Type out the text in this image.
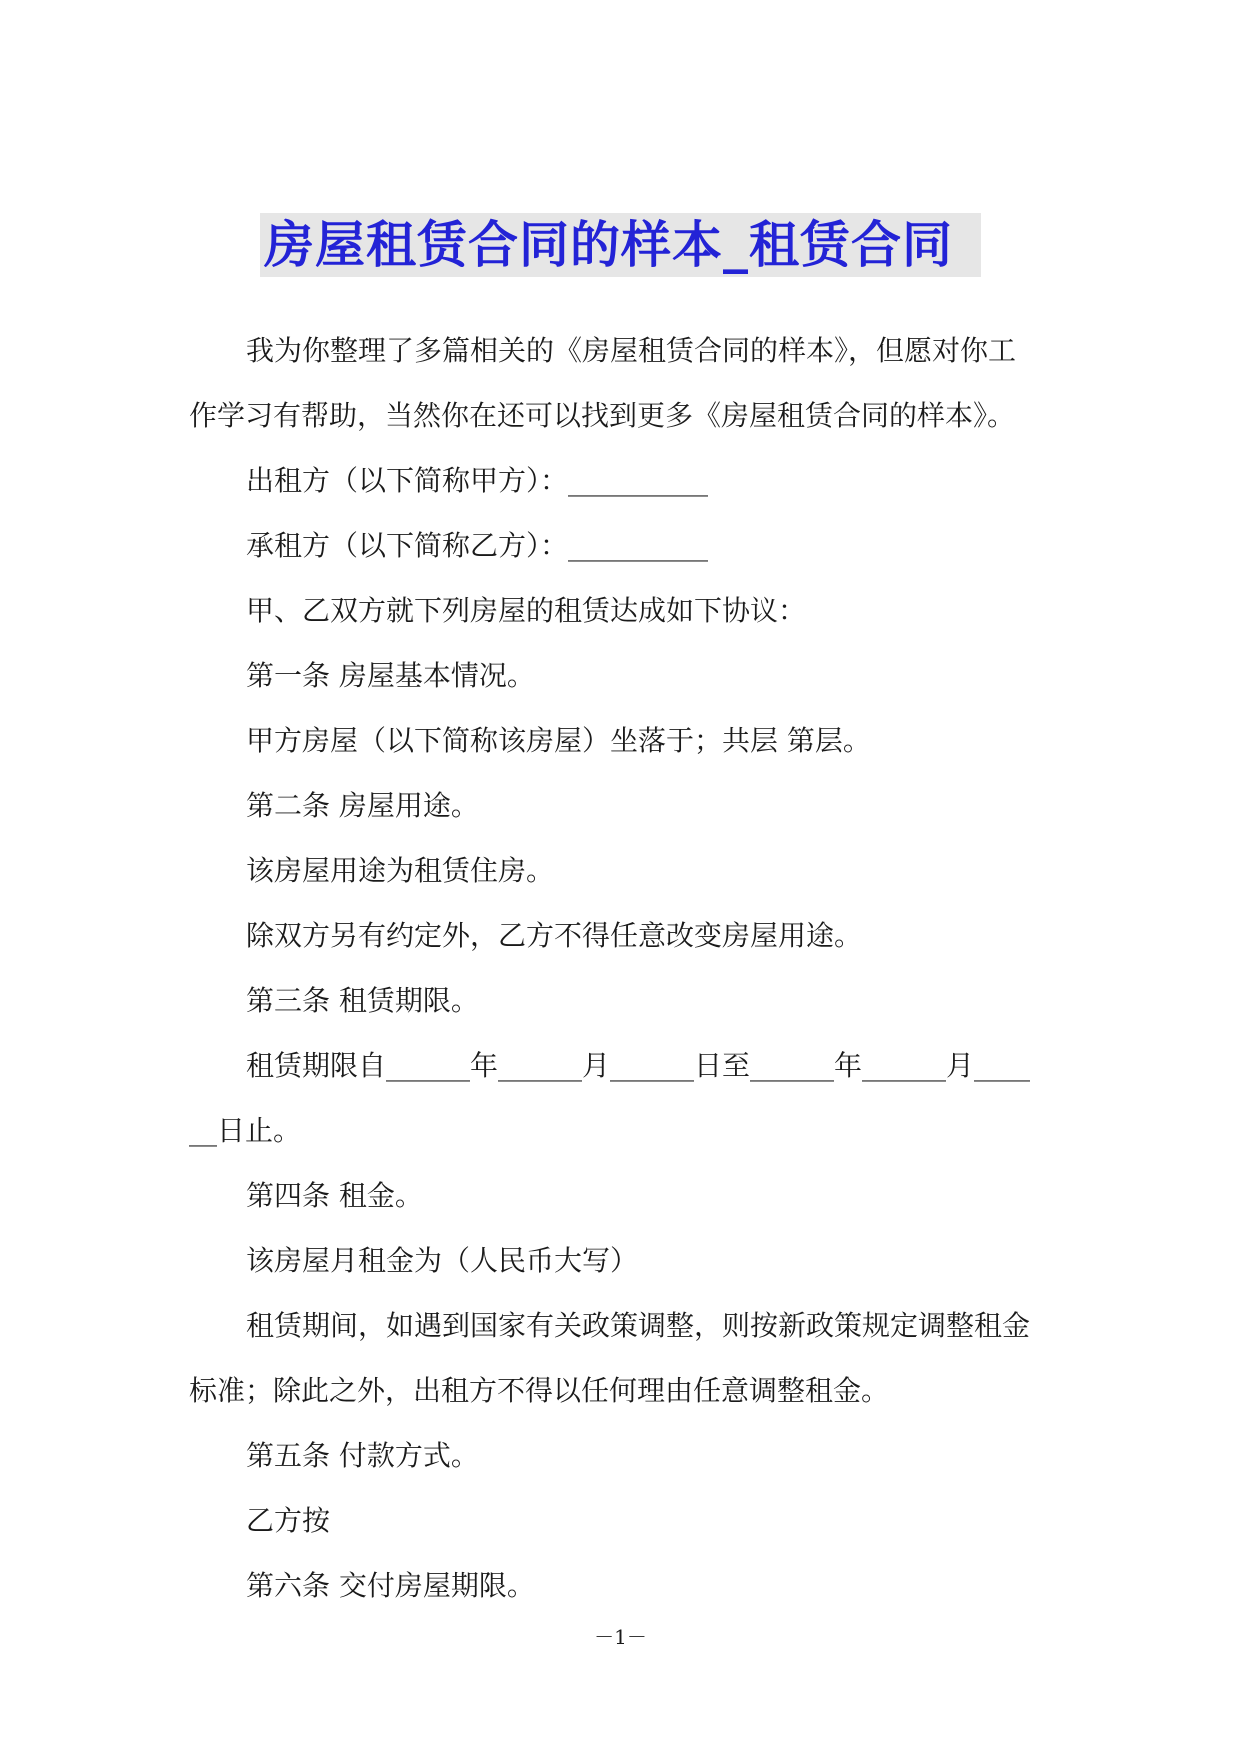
房屋租赁合同的样本_租赁合同

我为你整理了多篇相关的《房屋租赁合同的样本》，但愿对你工
作学习有帮助，当然你在还可以找到更多《房屋租赁合同的样本》。

出租方（以下简称甲方）：__________

承租方（以下简称乙方）：__________

甲、乙双方就下列房屋的租赁达成如下协议：

第一条 房屋基本情况。

甲方房屋（以下简称该房屋）坐落于；共层 第层。

第二条 房屋用途。

该房屋用途为租赁住房。

除双方另有约定外，乙方不得任意改变房屋用途。

第三条 租赁期限。

租赁期限自______年______月______日至______年______月____
__日止。

第四条 租金。

该房屋月租金为（人民币大写）

租赁期间，如遇到国家有关政策调整，则按新政策规定调整租金
标准；除此之外，出租方不得以任何理由任意调整租金。

第五条 付款方式。

乙方按

第六条 交付房屋期限。

－1－
